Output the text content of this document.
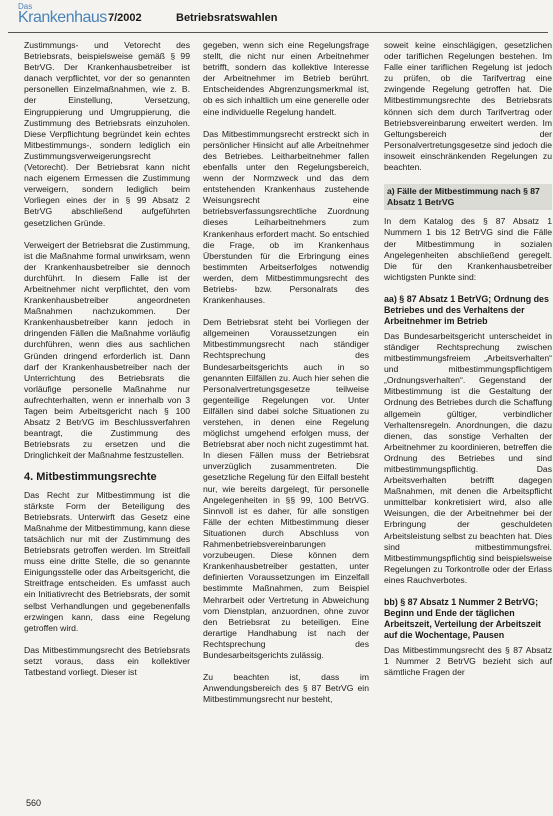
Das
Krankenhaus 7/2002	Betriebsratswahlen

Zustimmungs- und Vetorecht des Betriebsrats, beispielsweise gemäß § 99 BetrVG. Der Krankenhausbetreiber ist danach verpflichtet, vor der so genannten personellen Einzelmaßnahmen, wie z. B. der Einstellung, Versetzung, Eingruppierung und Umgruppierung, die Zustimmung des Betriebsrats einzuholen. Diese Verpflichtung begründet kein echtes Mitbestimmungs-, sondern lediglich ein Zustimmungsverweigerungsrecht (Vetorecht). Der Betriebsrat kann nicht nach eigenem Ermessen die Zustimmung verweigern, sondern lediglich beim Vorliegen eines der in § 99 Absatz 2 BetrVG abschließend aufgeführten gesetzlichen Gründe.

Verweigert der Betriebsrat die Zustimmung, ist die Maßnahme formal unwirksam, wenn der Krankenhausbetreiber sie dennoch durchführt. In diesem Falle ist der Arbeitnehmer nicht verpflichtet, den vom Krankenhausbetreiber angeordneten Maßnahmen nachzukommen. Der Krankenhausbetreiber kann jedoch in dringenden Fällen die Maßnahme vorläufig durchführen, wenn dies aus sachlichen Gründen dringend erforderlich ist. Dann darf der Krankenhausbetreiber nach der Unterrichtung des Betriebsrats die vorläufige personelle Maßnahme nur aufrechterhalten, wenn er innerhalb von 3 Tagen beim Arbeitsgericht nach § 100 Absatz 2 BetrVG im Beschlussverfahren beantragt, die Zustimmung des Betriebsrats zu ersetzen und die Dringlichkeit der Maßnahme festzustellen.

4. Mitbestimmungsrechte

Das Recht zur Mitbestimmung ist die stärkste Form der Beteiligung des Betriebsrats. Unterwirft das Gesetz eine Maßnahme der Mitbestimmung, kann diese tatsächlich nur mit der Zustimmung des Betriebsrats getroffen werden. Im Streitfall muss eine dritte Stelle, die so genannte Einigungsstelle oder das Arbeitsgericht, die Streitfrage entscheiden. Es umfasst auch ein Initiativrecht des Betriebsrats, der somit selbst Verhandlungen und gegebenenfalls erzwingen kann, dass eine Regelung getroffen wird.

Das Mitbestimmungsrecht des Betriebsrats setzt voraus, dass ein kollektiver Tatbestand vorliegt. Dieser ist

gegeben, wenn sich eine Regelungsfrage stellt, die nicht nur einen Arbeitnehmer betrifft, sondern das kollektive Interesse der Arbeitnehmer im Betrieb berührt. Entscheidendes Abgrenzungsmerkmal ist, ob es sich inhaltlich um eine generelle oder eine individuelle Regelung handelt.

Das Mitbestimmungsrecht erstreckt sich in persönlicher Hinsicht auf alle Arbeitnehmer des Betriebes. Leitharbeitnehmer fallen ebenfalls unter den Regelungsbereich, wenn der Normzweck und das dem entstehenden Krankenhaus zustehende Weisungsrecht eine betriebsverfassungsrechtliche Zuordnung dieses Leiharbeitnehmers zum Krankenhaus erfordert macht. So entschied die Frage, ob im Krankenhaus Überstunden für die Erbringung eines bestimmten Arbeitserfolges notwendig werden, dem Mitbestimmungsrecht des Betriebs- bzw. Personalrats des Krankenhauses.

Dem Betriebsrat steht bei Vorliegen der allgemeinen Voraussetzungen ein Mitbestimmungsrecht nach ständiger Rechtsprechung des Bundesarbeitsgerichts auch in so genannten Eilfällen zu. Auch hier sehen die Personalvertretungsgesetze teilweise gegenteilige Regelungen vor. Unter Eilfällen sind dabei solche Situationen zu verstehen, in denen eine Regelung möglichst umgehend erfolgen muss, der Betriebsrat aber noch nicht zugestimmt hat. In diesen Fällen muss der Betriebsrat unverzüglich zusammentreten. Die gesetzliche Regelung für den Eilfall besteht nur, wie bereits dargelegt, für personelle Angelegenheiten in §§ 99, 100 BetrVG. Sinnvoll ist es daher, für alle sonstigen Fälle der echten Mitbestimmung dieser Situationen durch Abschluss von Rahmenbetriebsvereinbarungen vorzubeugen. Diese können dem Krankenhausbetreiber gestatten, unter definierten Voraussetzungen im Einzelfall bestimmte Maßnahmen, zum Beispiel Mehrarbeit oder Vertretung in Abweichung vom Dienstplan, anzuordnen, ohne zuvor den Betriebsrat zu beteiligen. Eine derartige Handhabung ist nach der Rechtsprechung des Bundesarbeitsgerichts zulässig.

Zu beachten ist, dass im Anwendungsbereich des § 87 BetrVG ein Mitbestimmungsrecht nur besteht,

soweit keine einschlägigen, gesetzlichen oder tariflichen Regelungen bestehen. Im Falle einer tariflichen Regelung ist jedoch zu prüfen, ob die Tarifvertrag eine zwingende Regelung getroffen hat. Die Mitbestimmungsrechte des Betriebsrats können sich dem durch Tarifvertrag oder Betriebsvereinbarung erweitert werden. Im Geltungsbereich der Personalvertretungsgesetze sind jedoch die insoweit einschränkenden Regelungen zu beachten.

a) Fälle der Mitbestimmung nach § 87 Absatz 1 BetrVG

In dem Katalog des § 87 Absatz 1 Nummern 1 bis 12 BetrVG sind die Fälle der Mitbestimmung in sozialen Angelegenheiten abschließend geregelt. Die für den Krankenhausbetreiber wichtigsten Punkte sind:

aa) § 87 Absatz 1 BetrVG; Ordnung des Betriebes und des Verhaltens der Arbeitnehmer im Betrieb

Das Bundesarbeitsgericht unterscheidet in ständiger Rechtsprechung zwischen mitbestimmungsfreiem „Arbeitsverhalten“ und mitbestimmungspflichtigem „Ordnungsverhalten“. Gegenstand der Mitbestimmung ist die Gestaltung der Ordnung des Betriebes durch die Schaffung allgemein gültiger, verbindlicher Verhaltensregeln. Anordnungen, die dazu dienen, das sonstige Verhalten der Arbeitnehmer zu koordinieren, betreffen die Ordnung des Betriebes und sind mitbestimmungspflichtig. Das Arbeitsverhalten betrifft dagegen Maßnahmen, mit denen die Arbeitspflicht unmittelbar konkretisiert wird, also alle Weisungen, die der Arbeitnehmer bei der Erbringung der geschuldeten Arbeitsleistung selbst zu beachten hat. Dies sind mitbestimmungsfrei. Mitbestimmungspflichtig sind beispielsweise Regelungen zu Torkontrolle oder der Erlass eines Rauchverbotes.

bb) § 87 Absatz 1 Nummer 2 BetrVG; Beginn und Ende der täglichen Arbeitszeit, Verteilung der Arbeitszeit auf die Wochentage, Pausen

Das Mitbestimmungsrecht des § 87 Absatz 1 Nummer 2 BetrVG bezieht sich auf sämtliche Fragen der

560
